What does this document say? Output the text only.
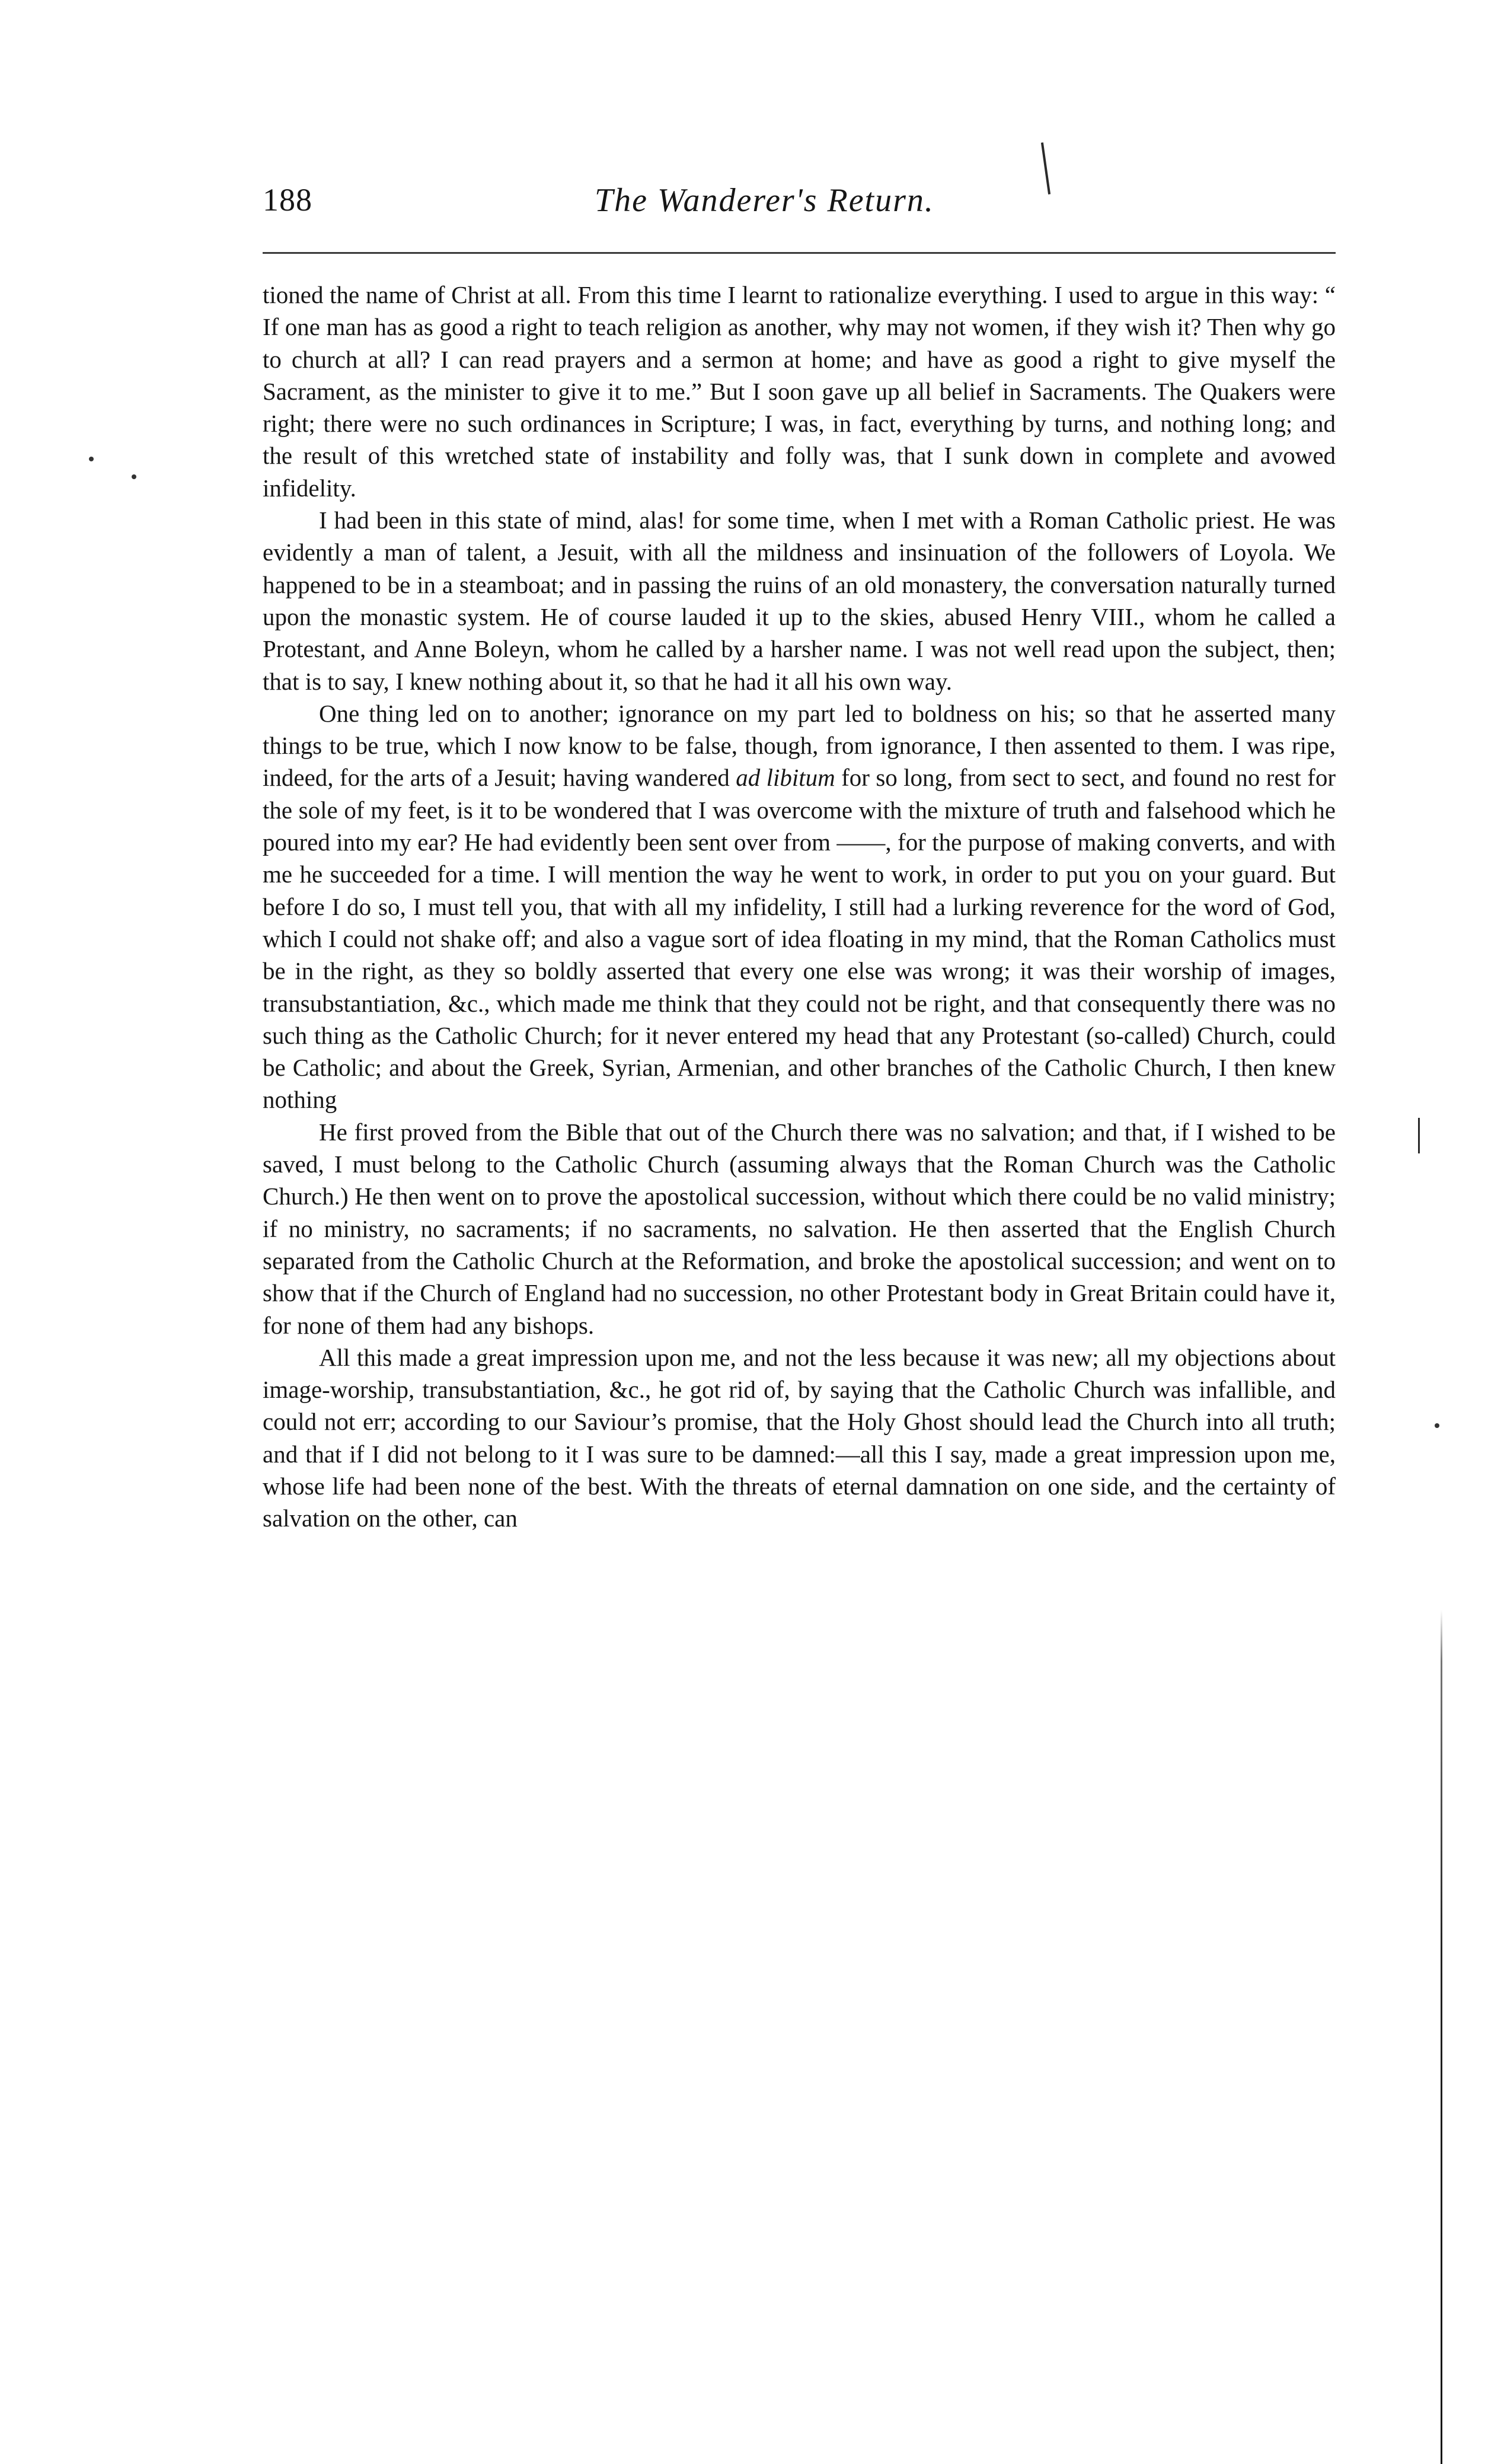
188	The Wanderer's Return.

tioned the name of Christ at all. From this time I learnt to rationalize everything. I used to argue in this way: “ If one man has as good a right to teach religion as another, why may not women, if they wish it? Then why go to church at all? I can read prayers and a sermon at home; and have as good a right to give myself the Sacrament, as the minister to give it to me.” But I soon gave up all belief in Sacraments. The Quakers were right; there were no such ordinances in Scripture; I was, in fact, everything by turns, and nothing long; and the result of this wretched state of instability and folly was, that I sunk down in complete and avowed infidelity.

I had been in this state of mind, alas! for some time, when I met with a Roman Catholic priest. He was evidently a man of talent, a Jesuit, with all the mildness and insinuation of the followers of Loyola. We happened to be in a steamboat; and in passing the ruins of an old monastery, the conversation naturally turned upon the monastic system. He of course lauded it up to the skies, abused Henry VIII., whom he called a Protestant, and Anne Boleyn, whom he called by a harsher name. I was not well read upon the subject, then; that is to say, I knew nothing about it, so that he had it all his own way.

One thing led on to another; ignorance on my part led to boldness on his; so that he asserted many things to be true, which I now know to be false, though, from ignorance, I then assented to them. I was ripe, indeed, for the arts of a Jesuit; having wandered ad libitum for so long, from sect to sect, and found no rest for the sole of my feet, is it to be wondered that I was overcome with the mixture of truth and falsehood which he poured into my ear? He had evidently been sent over from ——, for the purpose of making converts, and with me he succeeded for a time. I will mention the way he went to work, in order to put you on your guard. But before I do so, I must tell you, that with all my infidelity, I still had a lurking reverence for the word of God, which I could not shake off; and also a vague sort of idea floating in my mind, that the Roman Catholics must be in the right, as they so boldly asserted that every one else was wrong; it was their worship of images, transubstantiation, &c., which made me think that they could not be right, and that consequently there was no such thing as the Catholic Church; for it never entered my head that any Protestant (so-called) Church, could be Catholic; and about the Greek, Syrian, Armenian, and other branches of the Catholic Church, I then knew nothing

He first proved from the Bible that out of the Church there was no salvation; and that, if I wished to be saved, I must belong to the Catholic Church (assuming always that the Roman Church was the Catholic Church.) He then went on to prove the apostolical succession, without which there could be no valid ministry; if no ministry, no sacraments; if no sacraments, no salvation. He then asserted that the English Church separated from the Catholic Church at the Reformation, and broke the apostolical succession; and went on to show that if the Church of England had no succession, no other Protestant body in Great Britain could have it, for none of them had any bishops.

All this made a great impression upon me, and not the less because it was new; all my objections about image-worship, transubstantiation, &c., he got rid of, by saying that the Catholic Church was infallible, and could not err; according to our Saviour’s promise, that the Holy Ghost should lead the Church into all truth; and that if I did not belong to it I was sure to be damned:—all this I say, made a great impression upon me, whose life had been none of the best. With the threats of eternal damnation on one side, and the certainty of salvation on the other, can
